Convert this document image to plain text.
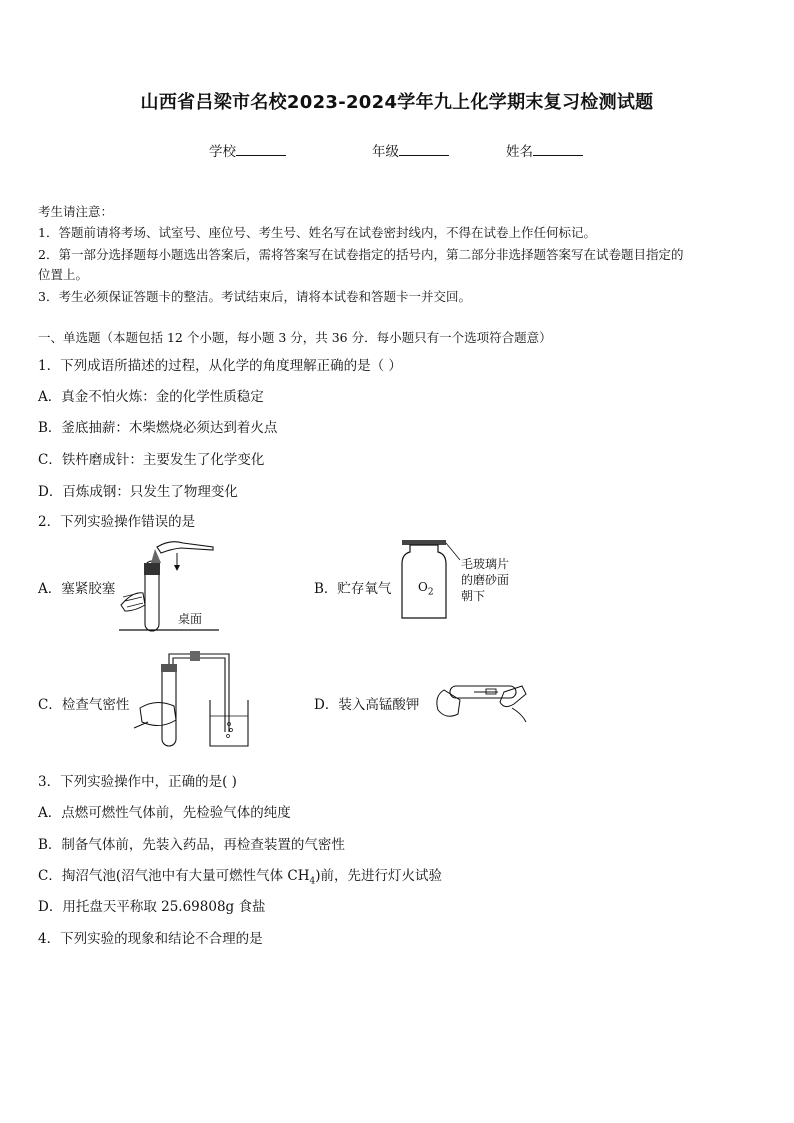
山西省吕梁市名校2023-2024学年九上化学期末复习检测试题
学校	年级	姓名
考生请注意：
1．答题前请将考场、试室号、座位号、考生号、姓名写在试卷密封线内，不得在试卷上作任何标记。
2．第一部分选择题每小题选出答案后，需将答案写在试卷指定的括号内，第二部分非选择题答案写在试卷题目指定的
位置上。
3．考生必须保证答题卡的整洁。考试结束后，请将本试卷和答题卡一并交回。
一、单选题（本题包括 12 个小题，每小题 3 分，共 36 分．每小题只有一个选项符合题意）
1．下列成语所描述的过程，从化学的角度理解正确的是（ ）
A．真金不怕火炼：金的化学性质稳定
B．釜底抽薪：木柴燃烧必须达到着火点
C．铁杵磨成针：主要发生了化学变化
D．百炼成钢：只发生了物理变化
2．下列实验操作错误的是
A．塞紧胶塞
桌面
B．贮存氧气 $O_2$
毛玻璃片
的磨砂面
朝下
C．检查气密性	D．装入高锰酸钾
3．下列实验操作中，正确的是( )
A．点燃可燃性气体前，先检验气体的纯度
B．制备气体前，先装入药品，再检查装置的气密性
C．掏沼气池(沼气池中有大量可燃性气体 $CH_4$)前，先进行灯火试验
D．用托盘天平称取 25.69808g 食盐
4．下列实验的现象和结论不合理的是
